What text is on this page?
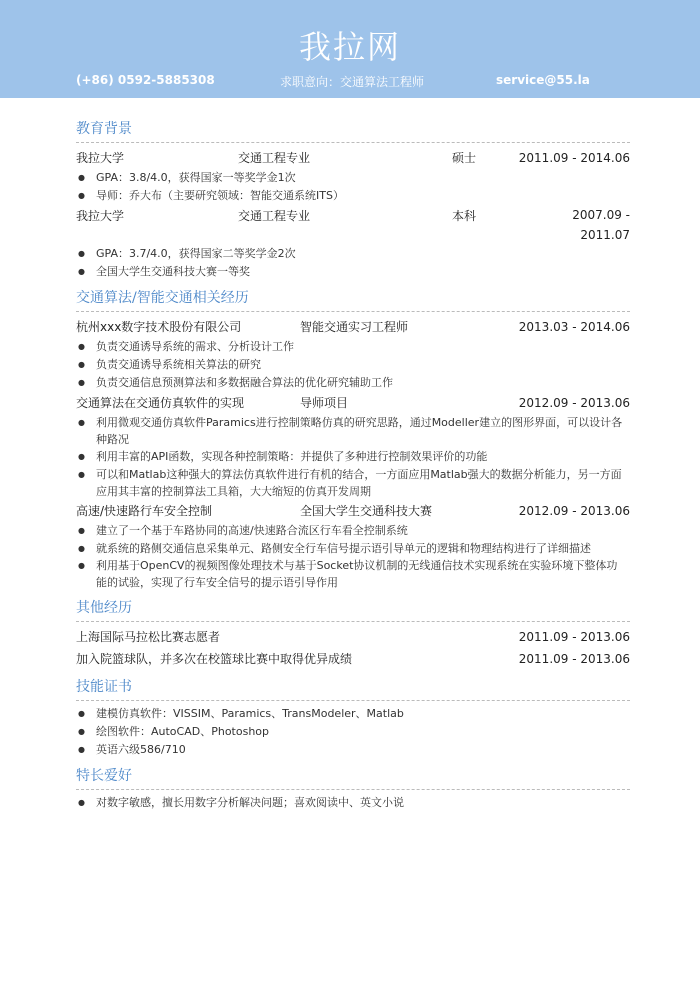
我拉网
(+86) 0592-5885308	求职意向：交通算法工程师	service@55.la
教育背景
我拉大学	交通工程专业	硕士	2011.09 - 2014.06
● GPA：3.8/4.0，获得国家一等奖学金1次
● 导师：乔大布（主要研究领域：智能交通系统ITS）
我拉大学	交通工程专业	本科	2007.09 - 2011.07
● GPA：3.7/4.0，获得国家二等奖学金2次
● 全国大学生交通科技大赛一等奖
交通算法/智能交通相关经历
杭州xxx数字技术股份有限公司	智能交通实习工程师	2013.03 - 2014.06
● 负责交通诱导系统的需求、分析设计工作
● 负责交通诱导系统相关算法的研究
● 负责交通信息预测算法和多数据融合算法的优化研究辅助工作
交通算法在交通仿真软件的实现	导师项目	2012.09 - 2013.06
● 利用微观交通仿真软件Paramics进行控制策略仿真的研究思路，通过Modeller建立的图形界面，可以设计各种路况
● 利用丰富的API函数，实现各种控制策略：并提供了多种进行控制效果评价的功能
● 可以和Matlab这种强大的算法仿真软件进行有机的结合，一方面应用Matlab强大的数据分析能力，另一方面应用其丰富的控制算法工具箱，大大缩短的仿真开发周期
高速/快速路行车安全控制	全国大学生交通科技大赛	2012.09 - 2013.06
● 建立了一个基于车路协同的高速/快速路合流区行车看全控制系统
● 就系统的路侧交通信息采集单元、路侧安全行车信号提示语引导单元的逻辑和物理结构进行了详细描述
● 利用基于OpenCV的视频图像处理技术与基于Socket协议机制的无线通信技术实现系统在实验环境下整体功能的试验，实现了行车安全信号的提示语引导作用
其他经历
上海国际马拉松比赛志愿者	2011.09 - 2013.06
加入院篮球队，并多次在校篮球比赛中取得优异成绩	2011.09 - 2013.06
技能证书
● 建模仿真软件：VISSIM、Paramics、TransModeler、Matlab
● 绘图软件：AutoCAD、Photoshop
● 英语六级586/710
特长爱好
● 对数字敏感，擅长用数字分析解决问题；喜欢阅读中、英文小说
